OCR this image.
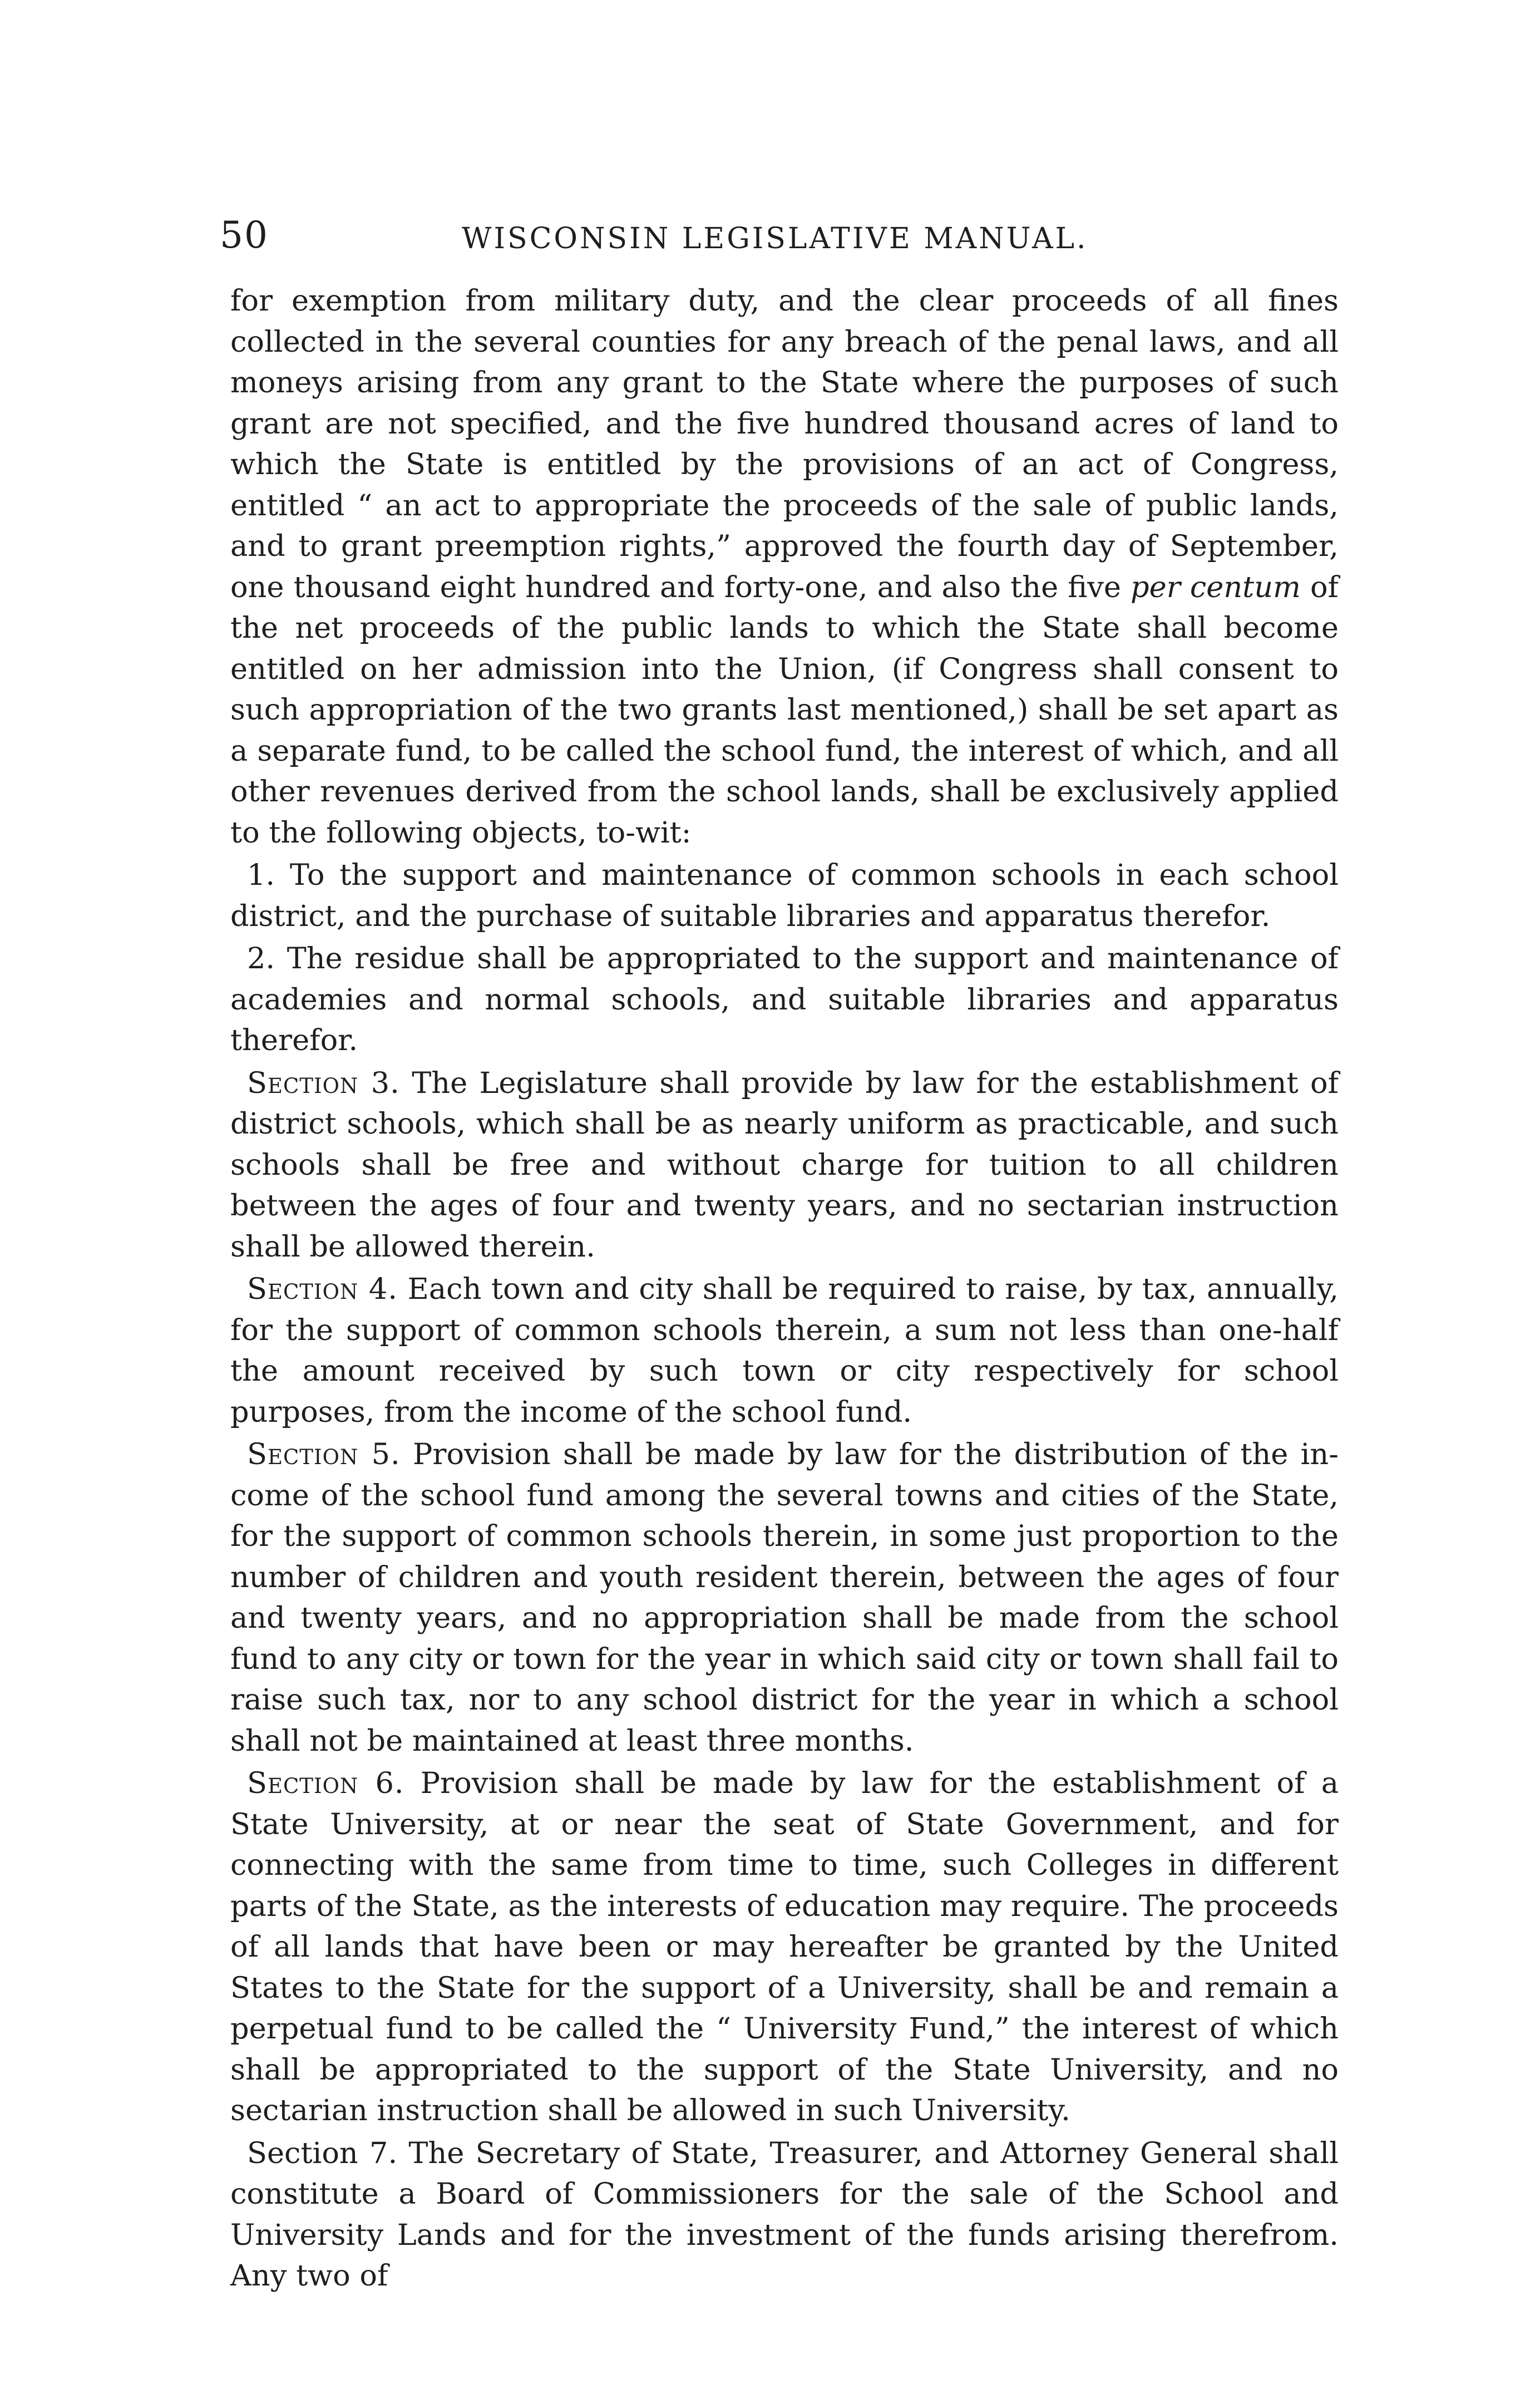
50	WISCONSIN LEGISLATIVE MANUAL.

for exemption from military duty, and the clear proceeds of all fines collected in the several counties for any breach of the penal laws, and all moneys arising from any grant to the State where the purposes of such grant are not specified, and the five hundred thousand acres of land to which the State is entitled by the provisions of an act of Congress, entitled “ an act to appropriate the proceeds of the sale of public lands, and to grant preemption rights,” approved the fourth day of September, one thousand eight hundred and forty-one, and also the five per centum of the net proceeds of the public lands to which the State shall become entitled on her admission into the Union, (if Congress shall consent to such appropriation of the two grants last mentioned,) shall be set apart as a separate fund, to be called the school fund, the interest of which, and all other revenues derived from the school lands, shall be exclusively applied to the following objects, to-wit:

1. To the support and maintenance of common schools in each school district, and the purchase of suitable libraries and apparatus therefor.

2. The residue shall be appropriated to the support and maintenance of academies and normal schools, and suitable libraries and apparatus therefor.

Section 3. The Legislature shall provide by law for the establishment of district schools, which shall be as nearly uniform as practicable, and such schools shall be free and without charge for tuition to all children between the ages of four and twenty years, and no sectarian instruction shall be allowed therein.

Section 4. Each town and city shall be required to raise, by tax, annually, for the support of common schools therein, a sum not less than one-half the amount received by such town or city respectively for school purposes, from the income of the school fund.

Section 5. Provision shall be made by law for the distribution of the income of the school fund among the several towns and cities of the State, for the support of common schools therein, in some just proportion to the number of children and youth resident therein, between the ages of four and twenty years, and no appropriation shall be made from the school fund to any city or town for the year in which said city or town shall fail to raise such tax, nor to any school district for the year in which a school shall not be maintained at least three months.

Section 6. Provision shall be made by law for the establishment of a State University, at or near the seat of State Government, and for connecting with the same from time to time, such Colleges in different parts of the State, as the interests of education may require. The proceeds of all lands that have been or may hereafter be granted by the United States to the State for the support of a University, shall be and remain a perpetual fund to be called the “ University Fund,” the interest of which shall be appropriated to the support of the State University, and no sectarian instruction shall be allowed in such University.

Section 7. The Secretary of State, Treasurer, and Attorney General shall constitute a Board of Commissioners for the sale of the School and University Lands and for the investment of the funds arising therefrom. Any two of
